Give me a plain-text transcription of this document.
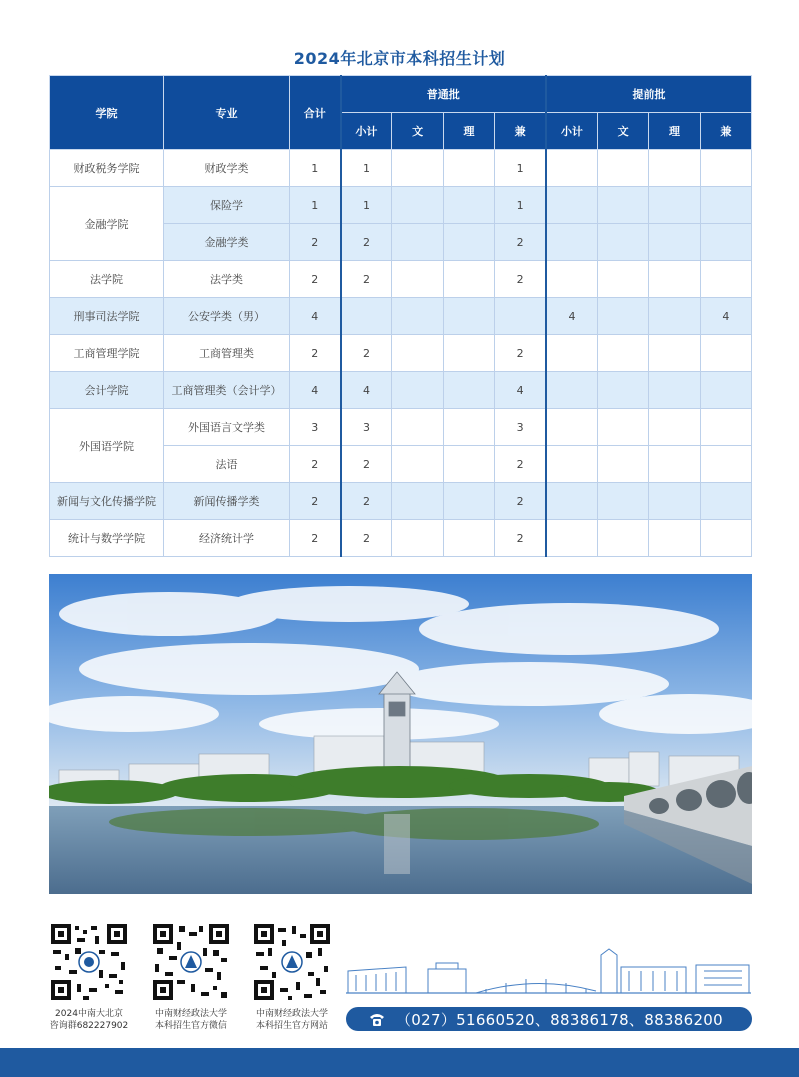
2024年北京市本科招生计划
学院	专业	合计	普通批				提前批			
			小计	文	理	兼	小计	文	理	兼
财政税务学院	财政学类	1	1			1				
金融学院	保险学	1	1			1				
	金融学类	2	2			2				
法学院	法学类	2	2			2				
刑事司法学院	公安学类（男）	4					4			4
工商管理学院	工商管理类	2	2			2				
会计学院	工商管理类（会计学）	4	4			4				
外国语学院	外国语言文学类	3	3			3				
	法语	2	2			2				
新闻与文化传播学院	新闻传播学类	2	2			2				
统计与数学学院	经济统计学	2	2			2				
2024中南大北京
咨询群682227902
中南财经政法大学
本科招生官方微信
中南财经政法大学
本科招生官方网站	（027）51660520、88386178、88386200
